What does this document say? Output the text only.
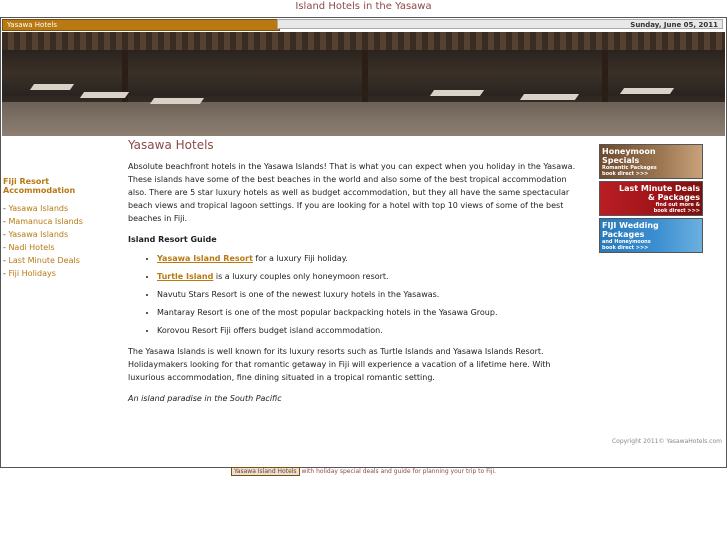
Island Hotels in the Yasawa
Yasawa Hotels	Sunday, June 05, 2011
Fiji Resort Accommodation
- Yasawa Islands
- Mamanuca Islands
- Yasawa Islands
- Nadi Hotels
- Last Minute Deals
- Fiji Holidays
Yasawa Hotels

Absolute beachfront hotels in the Yasawa Islands! That is what you can expect when you holiday in the Yasawa. These islands have some of the best beaches in the world and also some of the best tropical accommodation also. There are 5 star luxury hotels as well as budget accommodation, but they all have the same spectacular beach views and tropical lagoon settings. If you are looking for a hotel with top 10 views of some of the best beaches in Fiji.

Island Resort Guide
• Yasawa Island Resort for a luxury Fiji holiday.
• Turtle Island is a luxury couples only honeymoon resort.
• Navutu Stars Resort is one of the newest luxury hotels in the Yasawas.
• Mantaray Resort is one of the most popular backpacking hotels in the Yasawa Group.
• Korovou Resort Fiji offers budget island accommodation.

The Yasawa Islands is well known for its luxury resorts such as Turtle Islands and Yasawa Islands Resort. Holidaymakers looking for that romantic getaway in Fiji will experience a vacation of a lifetime here. With luxurious accommodation, fine dining situated in a tropical romantic setting.

An island paradise in the South Pacific

Honeymoon
Specials
Romantic Packages
book direct >>>
Last Minute Deals
& Packages
find out more &
book direct >>>
FIJI Wedding
Packages
and Honeymoons
book direct >>>
Copyright 2011© YasawaHotels.com
Yasawa Island Hotels with holiday special deals and guide for planning your trip to Fiji.
